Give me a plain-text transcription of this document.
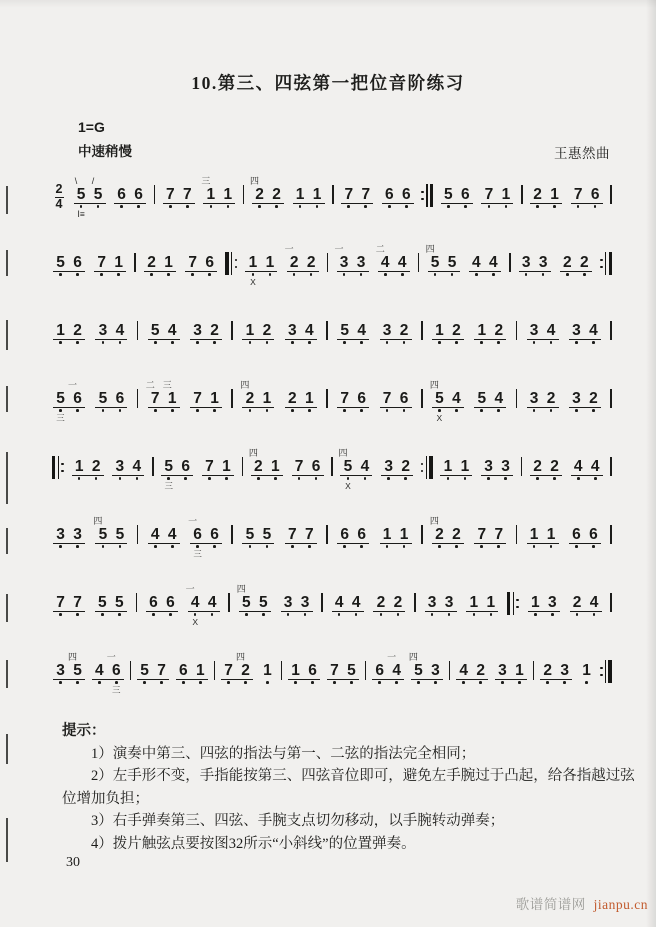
10.第三、四弦第一把位音阶练习
1=G
中速稍慢	王惠然曲
2
4
\
5
Ⅰ≡
/
5

6

6

7

7

三
1

1

四
2

2

1

1

7

7

6

6

5

6

7

1

2

1

7

6

5

6

7

1

2

1

7

6

1
X

1

一
2

2

一
3

3

二
4

4

四
5

5

4

4

3

3

2

2

1

2

3

4

5

4

3

2

1

2

3

4

5

4

3

2

1

2

1

2

3

4

3

4

5
三
一
6

5

6

二
7

三
1

7

1

四
2

1

2

1

7

6

7

6

四
5
X

4

5

4

3

2

3

2

1

2

3

4

5
三

6

7

1

四
2

1

7

6

四
5
X

4

3

2

1

1

3

3

2

2

4

4

3

3

四
5

5

4

4

一
6
三

6

5

5

7

7

6

6

1

1

四
2

2

7

7

1

1

6

6

7

7

5

5

6

6

一
4
X

4

四
5

5

3

3

4

4

2

2

3

3

1

1

1

3

2

4

3

四
5

4

一
6
三

5

7

6

1

7

四
2

1

1

6

7

5

6

一
4

四
5

3

4

2

3

1

2

3

1

提示：

1）演奏中第三、四弦的指法与第一、二弦的指法完全相同；

2）左手形不变，手指能按第三、四弦音位即可，避免左手腕过于凸起，给各指越过弦位增加负担；

3）右手弹奏第三、四弦、手腕支点切勿移动，以手腕转动弹奏；

4）拨片触弦点要按图32所示“小斜线”的位置弹奏。

30
歌谱简谱网 jianpu.cn
